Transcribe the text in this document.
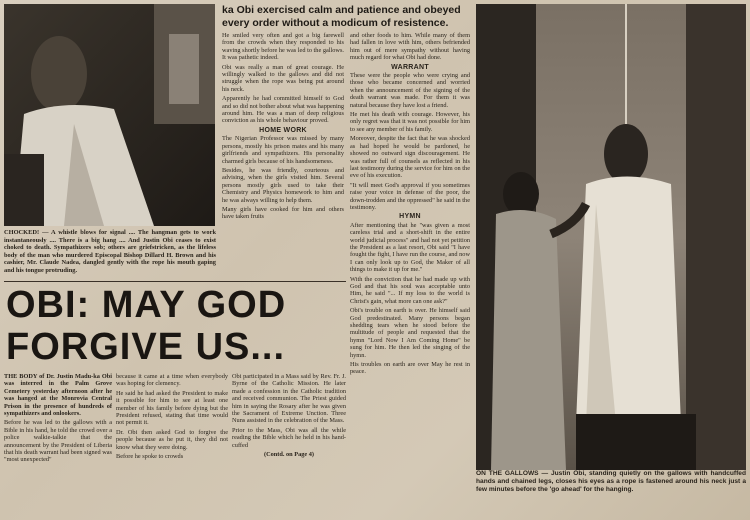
CHOCKED! — A whistle blows for signal .... The hangman gets to work instantaneously .... There is a big hang .... And Justin Obi ceases to exist choked to death. Sympathizers sob; others are griefstricken, as the lifeless body of the man who murdered Episcopal Bishop Dillard H. Brown and his cashier, Mr. Claude Nadea, dangled gently with the rope his mouth gaping and his tongue protruding.
ka Obi exercised calm and patience and obeyed every order without a modicum of resistence.

He smiled very often and got a big farewell from the crowds when they responded to his waving shortly before he was led to the gallows. It was pathetic indeed.

Obi was really a man of great courage. He willingly walked to the gallows and did not struggle when the rope was being put around his neck.

Apparently he had committed himself to God and so did not bother about what was happening around him. He was a man of deep religious conviction as his whole behaviour proved.

HOME WORK

The Nigerian Professor was missed by many persons, mostly his prison mates and his many girlfriends and sympathizers. His personality charmed girls because of his handsomeness.

Besides, he was friendly, courteous and advising, when the girls visited him. Several persons mostly girls used to take their Chemistry and Physics homework to him and he was always willing to help them.

Many girls have cooked for him and others have taken fruits

and other foods to him. While many of them had fallen in love with him, others befriended him out of mere sympathy without having much regard for what Obi had done.

WARRANT

These were the people who were crying and those who became concerned and worried when the announcement of the signing of the death warrant was made. For them it was natural because they have lost a friend.

He met his death with courage. However, his only regret was that it was not possible for him to see any member of his family.

Moreover, despite the fact that he was shocked as had hoped he would be pardoned, he showed no outward sign discouragement. He was rather full of counsels as reflected in his last testimony during the service for him on the eve of his execution.

"It will meet God's approval if you sometimes raise your voice in defense of the poor, the down-trodden and the oppressed" he said in the testimony.

HYMN

After mentioning that he "was given a most careless trial and a short-shift in the entire world judicial process" and had not yet petition the President as a last resort, Obi said "I have fought the fight, I have run the course, and now I can only look up to God, the Maker of all things to make it up for me."

With the conviction that he had made up with God and that his soul was acceptable unto Him, he said "... If my loss to the world is Christ's gain, what more can one ask?"

Obi's trouble on earth is over. He himself said God predestinated. Many persons began shedding tears when he stood before the multitude of people and requested that the hymn "Lord Now I Am Coming Home" be sung for him. He then led the singing of the hymn.

His troubles on earth are over May he rest in peace.

OBI: MAY GOD FORGIVE US...

THE BODY of Dr. Justin Madu-ka Obi was interred in the Palm Grove Cemetery yesterday afternoon after he was hanged at the Monrovia Central Prison in the presence of hundreds of sympathizers and onlookers.

Before he was led to the gallows with a Bible in his hand, he told the crowd over a police walkie-talkie that the announcement by the President of Liberia that his death warrant had been signed was "most unexpected"

because it came at a time when everybody was hoping for clemency.

He said he had asked the President to make it possible for him to see at least one member of his family before dying but the President refused, stating that time would not permit it.

Dr. Obi then asked God to forgive the people because as he put it, they did not know what they were doing.

Before he spoke to crowds

Obi participated in a Mass said by Rev. Fr. J. Byrne of the Catholic Mission. He later made a confession in the Catholic tradition and received communion. The Priest guided him in saying the Rosary after he was given the Sacrament of Extreme Unction. Three Nuns assisted in the celebration of the Mass.

Prior to the Mass, Obi was all the while reading the Bible which he held in his hand-cuffed

(Contd. on Page 4)

ON THE GALLOWS — Justin Obi, standing quietly on the gallows with handcuffed hands and chained legs, closes his eyes as a rope is fastened around his neck just a few minutes before the 'go ahead' for the hanging.
